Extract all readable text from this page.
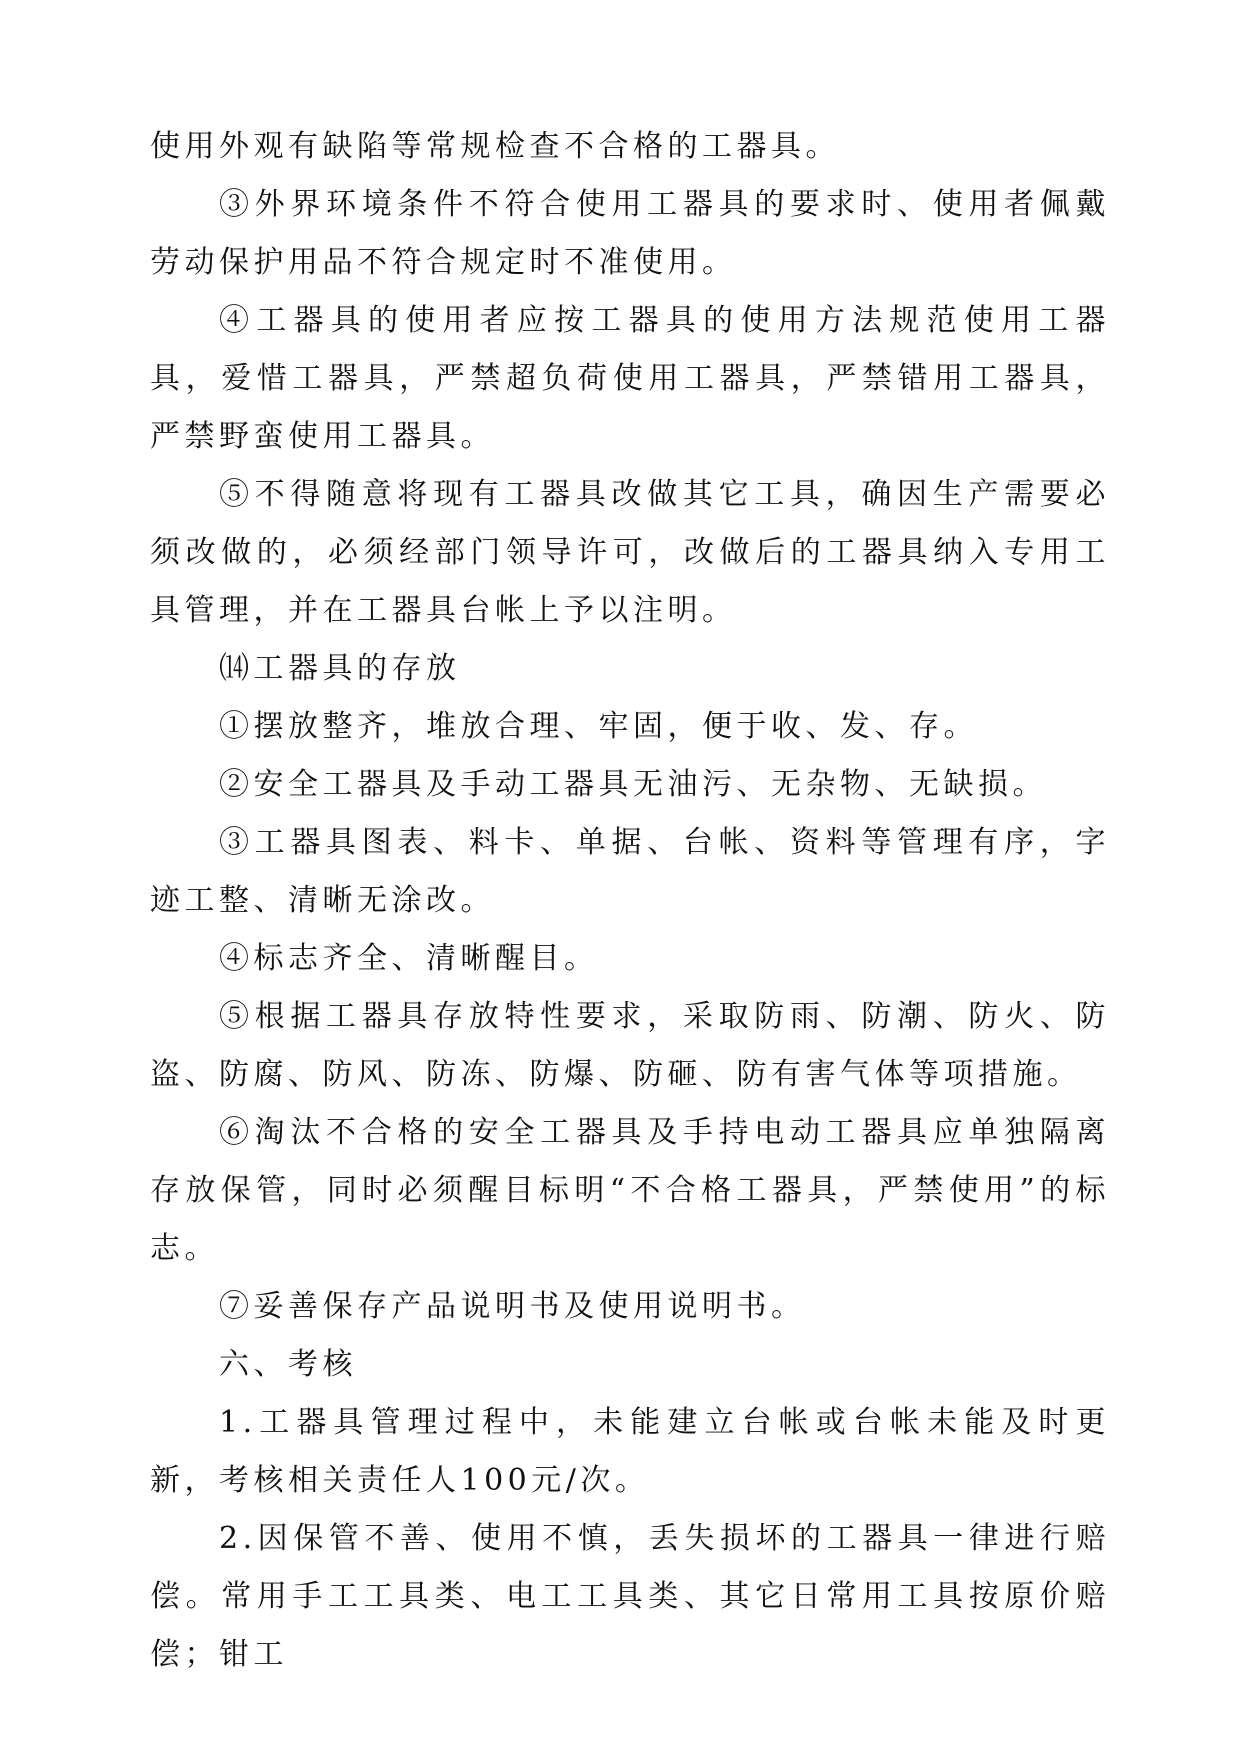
使用外观有缺陷等常规检查不合格的工器具。

③外界环境条件不符合使用工器具的要求时、使用者佩戴劳动保护用品不符合规定时不准使用。

④工器具的使用者应按工器具的使用方法规范使用工器具，爱惜工器具，严禁超负荷使用工器具，严禁错用工器具，严禁野蛮使用工器具。

⑤不得随意将现有工器具改做其它工具，确因生产需要必须改做的，必须经部门领导许可，改做后的工器具纳入专用工具管理，并在工器具台帐上予以注明。

⒁工器具的存放

①摆放整齐，堆放合理、牢固，便于收、发、存。

②安全工器具及手动工器具无油污、无杂物、无缺损。

③工器具图表、料卡、单据、台帐、资料等管理有序，字迹工整、清晰无涂改。

④标志齐全、清晰醒目。

⑤根据工器具存放特性要求，采取防雨、防潮、防火、防盗、防腐、防风、防冻、防爆、防砸、防有害气体等项措施。

⑥淘汰不合格的安全工器具及手持电动工器具应单独隔离存放保管，同时必须醒目标明“不合格工器具，严禁使用”的标志。

⑦妥善保存产品说明书及使用说明书。

六、考核

1.工器具管理过程中，未能建立台帐或台帐未能及时更新，考核相关责任人100元/次。

2.因保管不善、使用不慎，丢失损坏的工器具一律进行赔偿。常用手工工具类、电工工具类、其它日常用工具按原价赔偿；钳工
